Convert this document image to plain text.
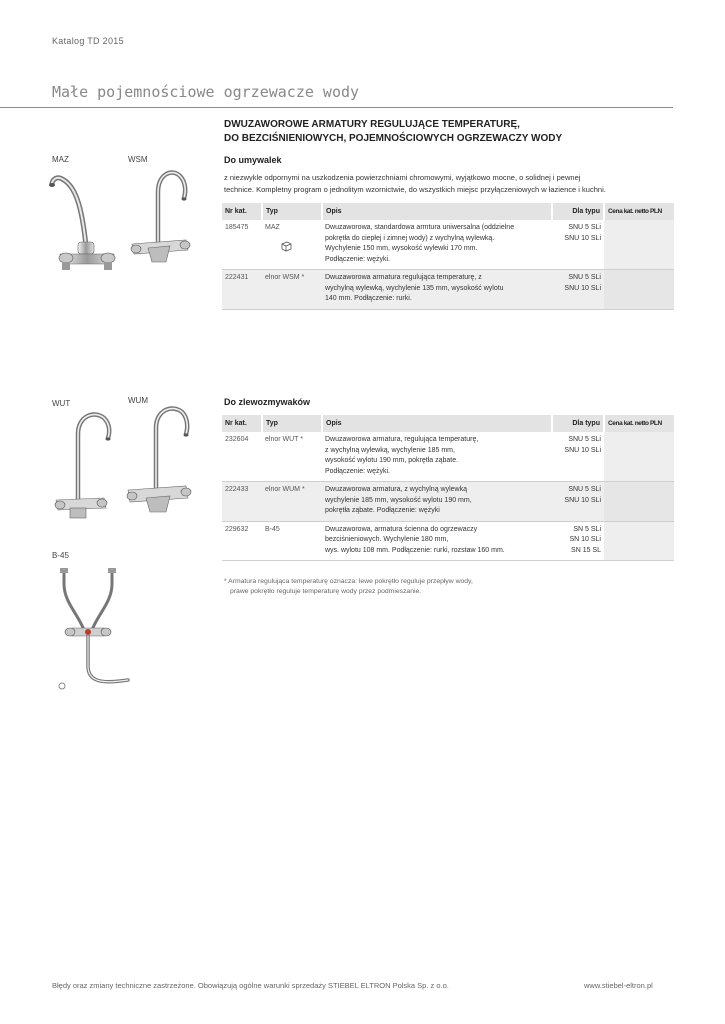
Katalog TD 2015
Małe pojemnościowe ogrzewacze wody
DWUZAWOROWE ARMATURY REGULUJĄCE TEMPERATURĘ,
DO BEZCIŚNIENIOWYCH, POJEMNOŚCIOWYCH OGRZEWACZY WODY
MAZ	WSM
WUT	WUM
B-45
Do umywalek
z niezwykle odpornymi na uszkodzenia powierzchniami chromowymi, wyjątkowo mocne, o solidnej i pewnej
technice. Kompletny program o jednolitym wzornictwie, do wszystkich miejsc przyłączeniowych w łazience i kuchni.
Nr kat.	Typ	Opis	Dla typu	Cena kat. netto PLN
185475	MAZ	Dwuzaworowa, standardowa armtura uniwersalna (oddzielne
pokrętła do ciepłej i zimnej wody) z wychylną wylewką.
Wychylenie 150 mm, wysokość wylewki 170 mm.
Podłączenie: wężyki.	SNU 5 SLi
SNU 10 SLi	

222431	elnor WSM *	Dwuzaworowa armatura regulująca temperaturę, z
wychylną wylewką, wychylenie 135 mm, wysokość wylotu
140 mm. Podłączenie: rurki.	SNU 5 SLi
SNU 10 SLi	

Do zlewozmywaków
Nr kat.	Typ	Opis	Dla typu	Cena kat. netto PLN
232604	elnor WUT *	Dwuzaworowa armatura, regulująca temperaturę,
z wychylną wylewką, wychylenie 185 mm,
wysokość wylotu 190 mm, pokrętła ząbate.
Podłączenie: wężyki.	SNU 5 SLi
SNU 10 SLi	

222433	elnor WUM *	Dwuzaworowa armatura, z wychylną wylewką
wychylenie 185 mm, wysokość wylotu 190 mm,
pokrętła ząbate. Podłączenie: wężyki	SNU 5 SLi
SNU 10 SLi	

229632	B-45	Dwuzaworowa, armatura ścienna do ogrzewaczy
bezciśnieniowych. Wychylenie 180 mm,
wys. wylotu 108 mm. Podłączenie: rurki, rozstaw 160 mm.	SN 5 SLi
SN 10 SLi
SN 15 SL	

* Armatura regulująca temperaturę oznacza: lewe pokrętło reguluje przepływ wody,
prawe pokrętło reguluje temperaturę wody przez podmieszanie.
Błędy oraz zmiany techniczne zastrzeżone. Obowiązują ogólne warunki sprzedaży STIEBEL ELTRON Polska Sp. z o.o.	www.stiebel-eltron.pl
